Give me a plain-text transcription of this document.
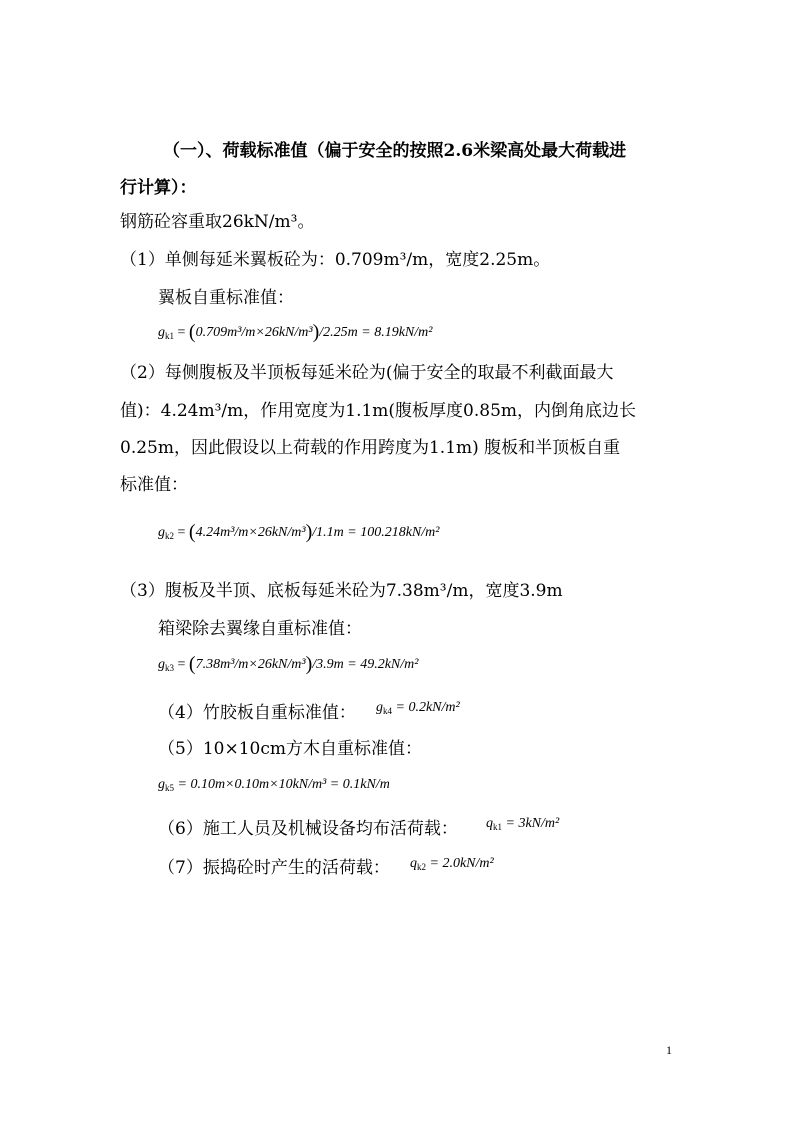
（一）、荷载标准值（偏于安全的按照2.6米梁高处最大荷载进
行计算）：
钢筋砼容重取26kN/m³。
（1）单侧每延米翼板砼为：0.709m³/m，宽度2.25m。
翼板自重标准值：
$g_{k1} = (0.709m^3/m\times 26kN/m^3)/2.25m = 8.19kN/m^2$
（2）每侧腹板及半顶板每延米砼为(偏于安全的取最不利截面最大
值)：4.24m³/m，作用宽度为1.1m(腹板厚度0.85m，内倒角底边长
0.25m，因此假设以上荷载的作用跨度为1.1m) 腹板和半顶板自重
标准值：
$g_{k2} = (4.24m^3/m\times 26kN/m^3)/1.1m = 100.218kN/m^2$
（3）腹板及半顶、底板每延米砼为7.38m³/m，宽度3.9m
箱梁除去翼缘自重标准值：
$g_{k3} = (7.38m^3/m\times 26kN/m^3)/3.9m = 49.2kN/m^2$
（4）竹胶板自重标准值： $g_{k4} = 0.2kN/m^2$
（5）10×10cm方木自重标准值：
$g_{k5} = 0.10m\times 0.10m\times 10kN/m^3 = 0.1kN/m$
（6）施工人员及机械设备均布活荷载： $q_{k1} = 3kN/m^2$
（7）振捣砼时产生的活荷载： $q_{k2} = 2.0kN/m^2$
1
